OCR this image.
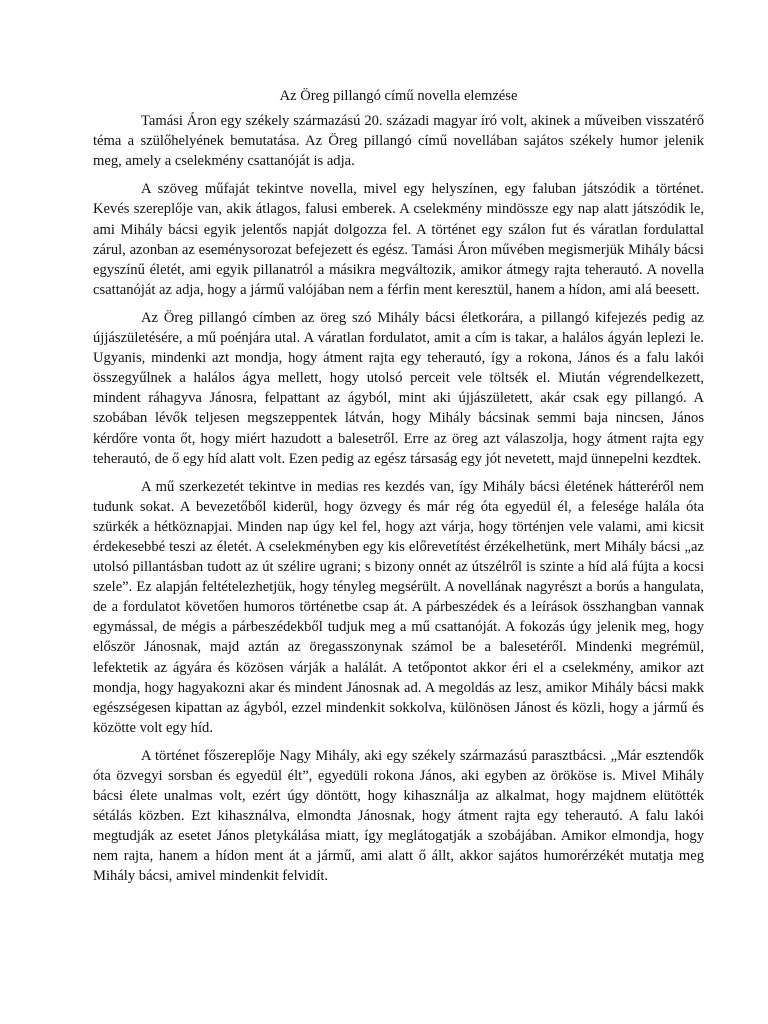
Az Öreg pillangó című novella elemzése

Tamási Áron egy székely származású 20. századi magyar író volt, akinek a műveiben visszatérő téma a szülőhelyének bemutatása. Az Öreg pillangó című novellában sajátos székely humor jelenik meg, amely a cselekmény csattanóját is adja.

A szöveg műfaját tekintve novella, mivel egy helyszínen, egy faluban játszódik a történet. Kevés szereplője van, akik átlagos, falusi emberek. A cselekmény mindössze egy nap alatt játszódik le, ami Mihály bácsi egyik jelentős napját dolgozza fel. A történet egy szálon fut és váratlan fordulattal zárul, azonban az eseménysorozat befejezett és egész. Tamási Áron művében megismerjük Mihály bácsi egyszínű életét, ami egyik pillanatról a másikra megváltozik, amikor átmegy rajta teherautó. A novella csattanóját az adja, hogy a jármű valójában nem a férfin ment keresztül, hanem a hídon, ami alá beesett.

Az Öreg pillangó címben az öreg szó Mihály bácsi életkorára, a pillangó kifejezés pedig az újjászületésére, a mű poénjára utal. A váratlan fordulatot, amit a cím is takar, a halálos ágyán leplezi le. Ugyanis, mindenki azt mondja, hogy átment rajta egy teherautó, így a rokona, János és a falu lakói összegyűlnek a halálos ágya mellett, hogy utolsó perceit vele töltsék el. Miután végrendelkezett, mindent ráhagyva Jánosra, felpattant az ágyból, mint aki újjászületett, akár csak egy pillangó. A szobában lévők teljesen megszeppentek látván, hogy Mihály bácsinak semmi baja nincsen, János kérdőre vonta őt, hogy miért hazudott a balesetről. Erre az öreg azt válaszolja, hogy átment rajta egy teherautó, de ő egy híd alatt volt. Ezen pedig az egész társaság egy jót nevetett, majd ünnepelni kezdtek.

A mű szerkezetét tekintve in medias res kezdés van, így Mihály bácsi életének hátteréről nem tudunk sokat. A bevezetőből kiderül, hogy özvegy és már rég óta egyedül él, a felesége halála óta szürkék a hétköznapjai. Minden nap úgy kel fel, hogy azt várja, hogy történjen vele valami, ami kicsit érdekesebbé teszi az életét. A cselekményben egy kis előrevetítést érzékelhetünk, mert Mihály bácsi „az utolsó pillantásban tudott az út szélire ugrani; s bizony onnét az útszélről is szinte a híd alá fújta a kocsi szele”. Ez alapján feltételezhetjük, hogy tényleg megsérült. A novellának nagyrészt a borús a hangulata, de a fordulatot követően humoros történetbe csap át. A párbeszédek és a leírások összhangban vannak egymással, de mégis a párbeszédekből tudjuk meg a mű csattanóját. A fokozás úgy jelenik meg, hogy először Jánosnak, majd aztán az öregasszonynak számol be a balesetéről. Mindenki megrémül, lefektetik az ágyára és közösen várják a halálát. A tetőpontot akkor éri el a cselekmény, amikor azt mondja, hogy hagyakozni akar és mindent Jánosnak ad. A megoldás az lesz, amikor Mihály bácsi makk egészségesen kipattan az ágyból, ezzel mindenkit sokkolva, különösen Jánost és közli, hogy a jármű és közötte volt egy híd.

A történet főszereplője Nagy Mihály, aki egy székely származású parasztbácsi. „Már esztendők óta özvegyi sorsban és egyedül élt”, egyedüli rokona János, aki egyben az örököse is. Mivel Mihály bácsi élete unalmas volt, ezért úgy döntött, hogy kihasználja az alkalmat, hogy majdnem elütötték sétálás közben. Ezt kihasználva, elmondta Jánosnak, hogy átment rajta egy teherautó. A falu lakói megtudják az esetet János pletykálása miatt, így meglátogatják a szobájában. Amikor elmondja, hogy nem rajta, hanem a hídon ment át a jármű, ami alatt ő állt, akkor sajátos humorérzékét mutatja meg Mihály bácsi, amivel mindenkit felvidít.
